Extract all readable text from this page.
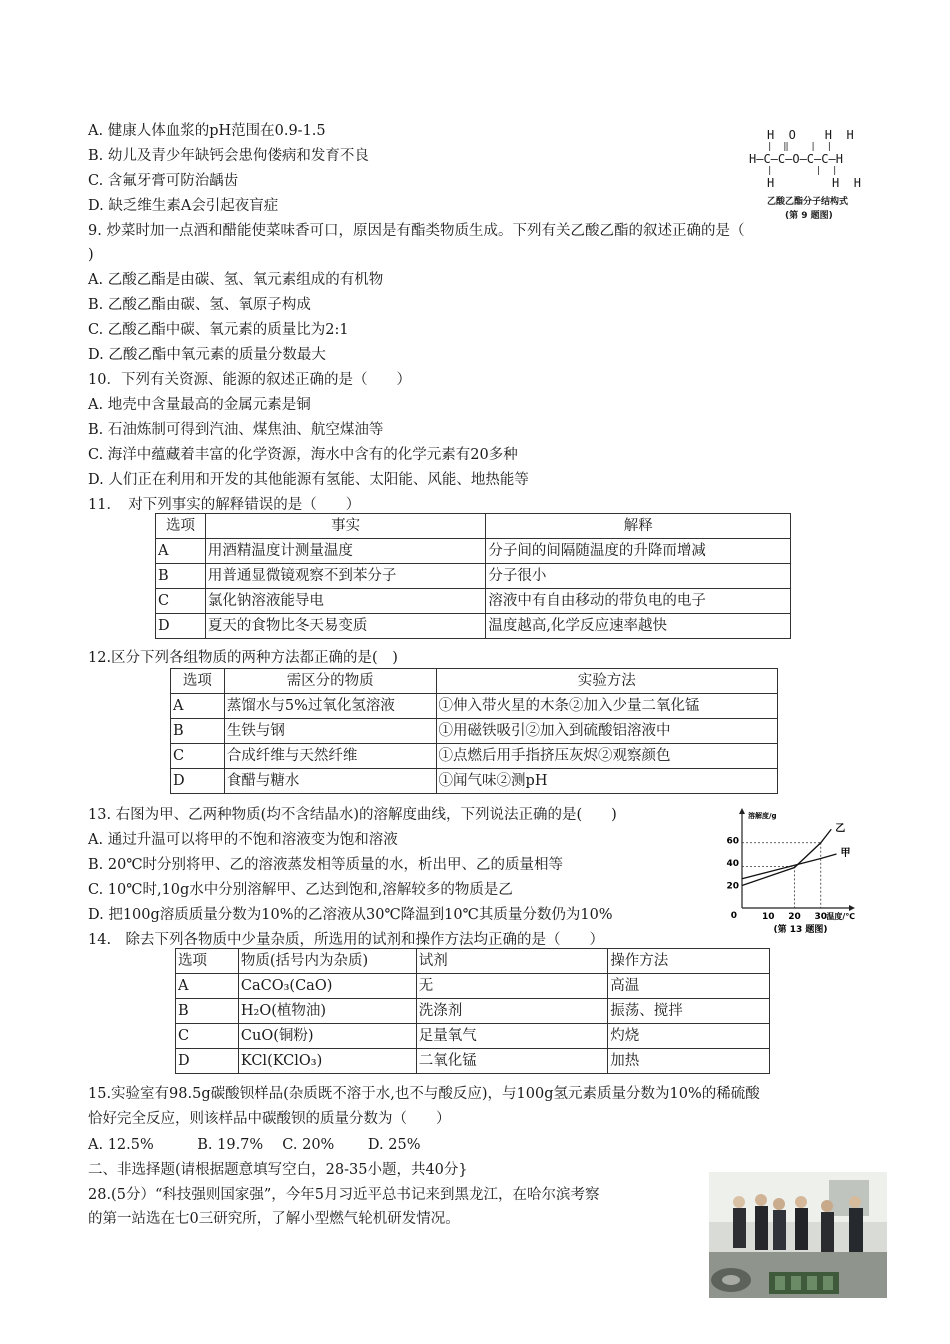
A. 健康人体血浆的pH范围在0.9-1.5
B. 幼儿及青少年缺钙会患佝偻病和发育不良
C. 含氟牙膏可防治龋齿
D. 缺乏维生素A会引起夜盲症
H  O    H  H
|  ‖    |  |
H–C–C–O–C–C–H
|        |  |
H        H  H
乙酸乙酯分子结构式
(第 9 题图)
9. 炒菜时加一点酒和醋能使菜味香可口，原因是有酯类物质生成。下列有关乙酸乙酯的叙述正确的是（
)
A. 乙酸乙酯是由碳、氢、氧元素组成的有机物
B. 乙酸乙酯由碳、氢、氧原子构成
C. 乙酸乙酯中碳、氧元素的质量比为2:1
D. 乙酸乙酯中氧元素的质量分数最大
10．下列有关资源、能源的叙述正确的是（　　）
A. 地壳中含量最高的金属元素是铜
B. 石油炼制可得到汽油、煤焦油、航空煤油等
C. 海洋中蕴藏着丰富的化学资源，海水中含有的化学元素有20多种
D. 人们正在利用和开发的其他能源有氢能、太阳能、风能、地热能等
11．　对下列事实的解释错误的是（　　）
选项	事实	解释
A	用酒精温度计测量温度	分子间的间隔随温度的升降而增减
B	用普通显微镜观察不到苯分子	分子很小
C	氯化钠溶液能导电	溶液中有自由移动的带负电的电子
D	夏天的食物比冬天易变质	温度越高,化学反应速率越快
12.区分下列各组物质的两种方法都正确的是(　)
选项	需区分的物质	实验方法
A	蒸馏水与5%过氧化氢溶液	①伸入带火星的木条②加入少量二氧化锰
B	生铁与钢	①用磁铁吸引②加入到硫酸铝溶液中
C	合成纤维与天然纤维	①点燃后用手指挤压灰烬②观察颜色
D	食醋与糖水	①闻气味②测pH
13. 右图为甲、乙两种物质(均不含结晶水)的溶解度曲线，下列说法正确的是(　　)
A. 通过升温可以将甲的不饱和溶液变为饱和溶液
B. 20℃时分别将甲、乙的溶液蒸发相等质量的水，析出甲、乙的质量相等
C. 10℃时,10g水中分别溶解甲、乙达到饱和,溶解较多的物质是乙
D. 把100g溶质质量分数为10%的乙溶液从30℃降温到10℃其质量分数仍为10%	0	10 20 30
20
40
60
乙
甲
溶解度/g
温度/℃
(第 13 题图)
14.　除去下列各物质中少量杂质，所选用的试剂和操作方法均正确的是（　　）
选项	物质(括号内为杂质)	试剂	操作方法
A	CaCO₃(CaO)	无	高温
B	H₂O(植物油)	洗涤剂	振荡、搅拌
C	CuO(铜粉)	足量氧气	灼烧
D	KCl(KClO₃)	二氧化锰	加热
15.实验室有98.5g碳酸钡样品(杂质既不溶于水,也不与酸反应)，与100g氢元素质量分数为10%的稀硫酸
恰好完全反应，则该样品中碳酸钡的质量分数为（　　）
A. 12.5%　　　B. 19.7%　 C. 20%　　 D. 25%
二、非选择题(请根据题意填写空白，28-35小题，共40分}
28.(5分）“科技强则国家强”，今年5月习近平总书记来到黑龙江，在哈尔滨考察
的第一站选在七0三研究所，了解小型燃气轮机研发情况。
